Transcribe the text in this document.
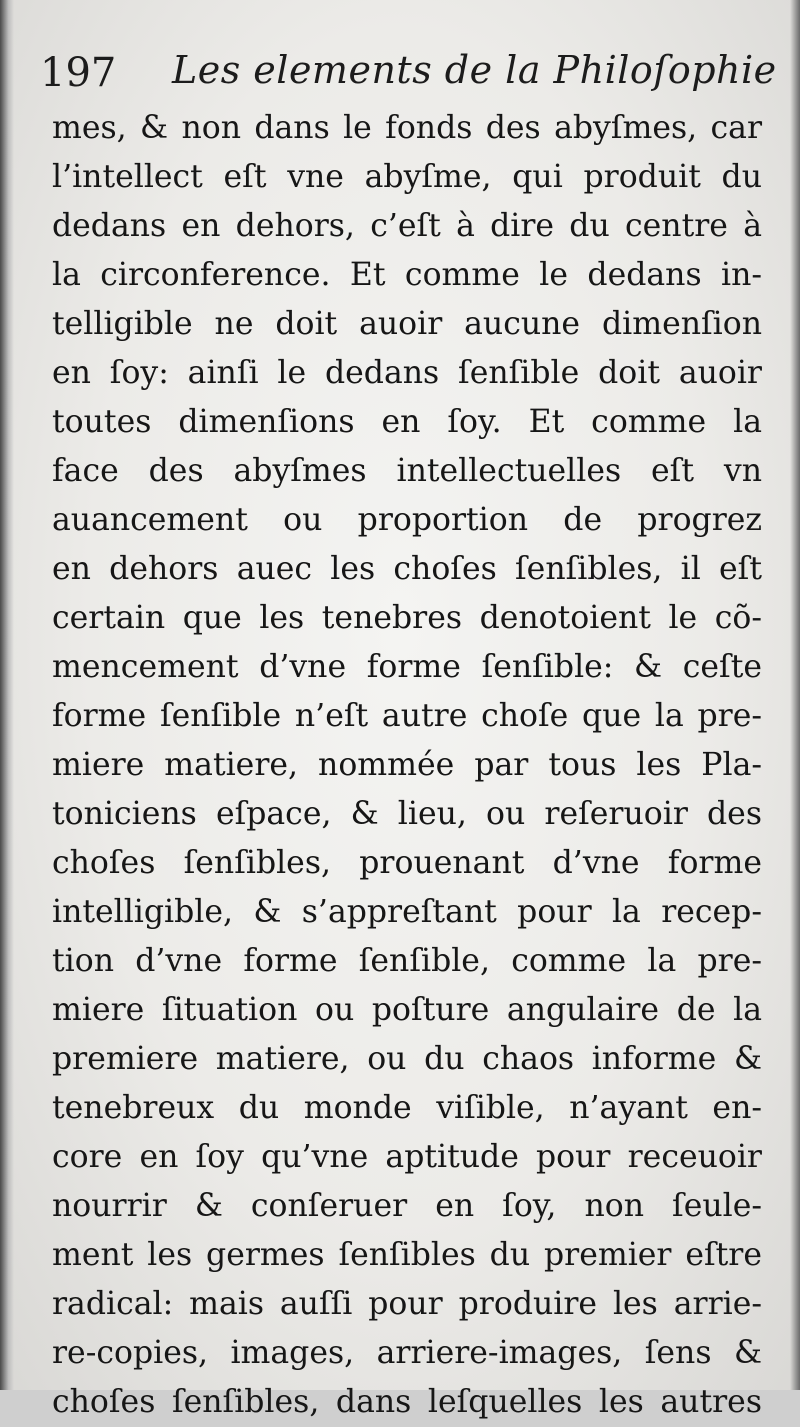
197 Les elements de la Philoſophie
mes, & non dans le fonds des abyſmes, car
l’intellect eſt vne abyſme, qui produit du
dedans en dehors, c’eſt à dire du centre à
la circonference. Et comme le dedans in-
telligible ne doit auoir aucune dimenſion
en ſoy: ainſi le dedans ſenſible doit auoir
toutes dimenſions en ſoy. Et comme la
face des abyſmes intellectuelles eſt vn
auancement ou proportion de progrez
en dehors auec les choſes ſenſibles, il eſt
certain que les tenebres denotoient le cõ-
mencement d’vne forme ſenſible: & ceſte
forme ſenſible n’eſt autre choſe que la pre-
miere matiere, nommée par tous les Pla-
toniciens eſpace, & lieu, ou reſeruoir des
choſes ſenſibles, prouenant d’vne forme
intelligible, & s’appreſtant pour la recep-
tion d’vne forme ſenſible, comme la pre-
miere ſituation ou poſture angulaire de la
premiere matiere, ou du chaos informe &
tenebreux du monde viſible, n’ayant en-
core en ſoy qu’vne aptitude pour receuoir
nourrir & conſeruer en ſoy, non ſeule-
ment les germes ſenſibles du premier eſtre
radical: mais auſſi pour produire les arrie-
re-copies, images, arriere-images, ſens &
choſes ſenſibles, dans leſquelles les autres
